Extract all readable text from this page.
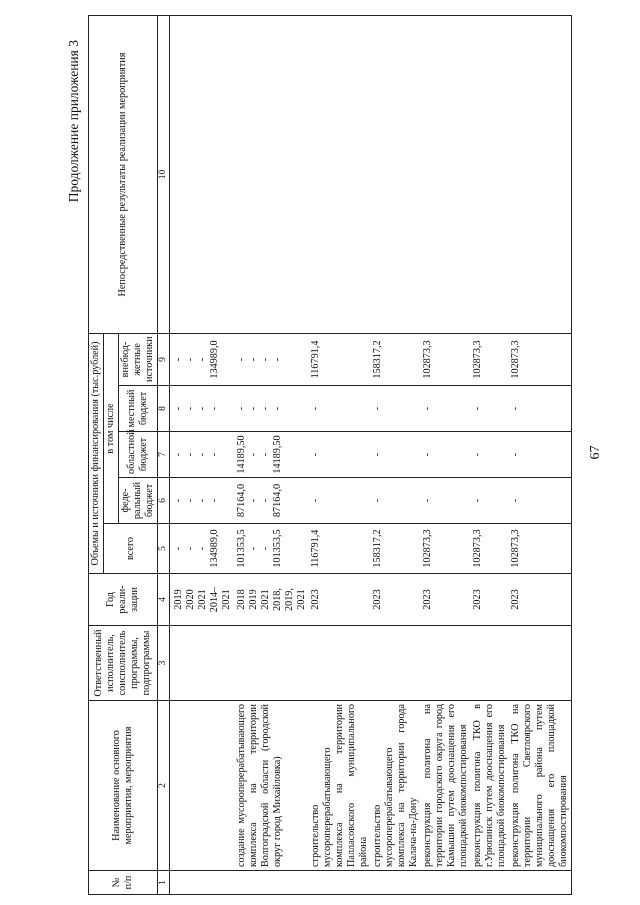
Продолжение приложения 3
№ п/п	Наименование основного мероприятия, мероприятия	Ответственный исполнитель, соисполнитель программы, подпрограммы	Год реали-зации	Объемы и источники финансирования (тыс.рублей)					Непосредственные результаты реализации мероприятия
				всего	в том числе				
					феде-ральный бюджет	областной бюджет	местный бюджет	внебюд-жетные источники	
1	2	3	4	5	6	7	8	9	10

			2019 2020 2021 2014–2021	- - - 134989,0	- - - -	- - - -	- - - -	- - - 134989,0	

	создание мусороперерабатывающего комплекса на территории Волгоградской области (городской округ город Михайловка)		2018 2019 2021 2018, 2019, 2021	101353,5 - - 101353,5	87164,0 - - 87164,0	14189,50 - - 14189,50	- - - -	- - - -	

	строительство мусороперерабатывающего комплекса на территории Палласовского муниципального района		2023	116791,4	-	-	-	116791,4	

	строительство мусороперерабатывающего комплекса на территории города Калача-на-Дону		2023	158317,2	-	-	-	158317,2	

	реконструкция полигона на территории городского округа город Камышин путем дооснащения его площадкой биокомпостирования		2023	102873,3	-	-	-	102873,3	

	реконструкция полигона ТКО в г.Урюпинск путем дооснащения его площадкой биокомпостирования		2023	102873,3	-	-	-	102873,3	

	реконструкция полигона ТКО на территории Светлоярского муниципального района путем дооснащения его площадкой биокомпостирования		2023	102873,3	-	-	-	102873,3	

67
